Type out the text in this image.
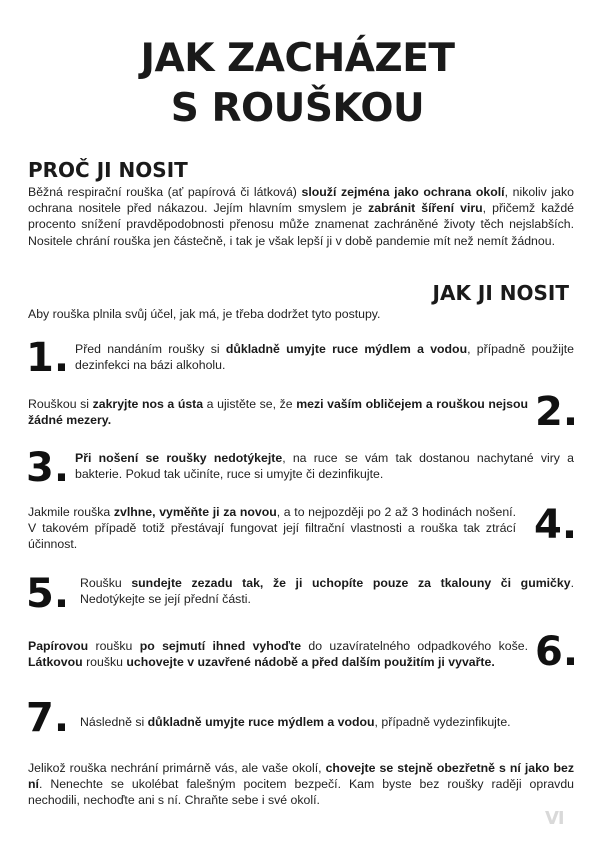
JAK ZACHÁZET
S ROUŠKOU
PROČ JI NOSIT

Běžná respirační rouška (ať papírová či látková) slouží zejména jako ochrana okolí, nikoliv jako ochrana nositele před nákazou. Jejím hlavním smyslem je zabránit šíření viru, přičemž každé procento snížení pravděpodobnosti přenosu může znamenat zachráněné životy těch nejslabších. Nositele chrání rouška jen částečně, i tak je však lepší ji v době pandemie mít než nemít žádnou.

JAK JI NOSIT

Aby rouška plnila svůj účel, jak má, je třeba dodržet tyto postupy.

1. Před nandáním roušky si důkladně umyjte ruce mýdlem a vodou, případně použijte dezinfekci na bázi alkoholu.

2.

Rouškou si zakryjte nos a ústa a ujistěte se, že mezi vaším obličejem a rouškou nejsou žádné mezery.

3. Při nošení se roušky nedotýkejte, na ruce se vám tak dostanou nachytané viry a bakterie. Pokud tak učiníte, ruce si umyjte či dezinfikujte.

4.

Jakmile rouška zvlhne, vyměňte ji za novou, a to nejpozději po 2 až 3 hodinách nošení. V takovém případě totiž přestávají fungovat její filtrační vlastnosti a rouška tak ztrácí účinnost.

5. Roušku sundejte zezadu tak, že ji uchopíte pouze za tkalouny či gumičky. Nedotýkejte se její přední části.

6.

Papírovou roušku po sejmutí ihned vyhoďte do uzavíratelného odpadkového koše. Látkovou roušku uchovejte v uzavřené nádobě a před dalším použitím ji vyvařte.

7. Následně si důkladně umyjte ruce mýdlem a vodou, případně vydezinfikujte.

Jelikož rouška nechrání primárně vás, ale vaše okolí, chovejte se stejně obezřetně s ní jako bez ní. Nenechte se ukolébat falešným pocitem bezpečí. Kam byste bez roušky raději opravdu nechodili, nechoďte ani s ní. Chraňte sebe i své okolí.

VI
